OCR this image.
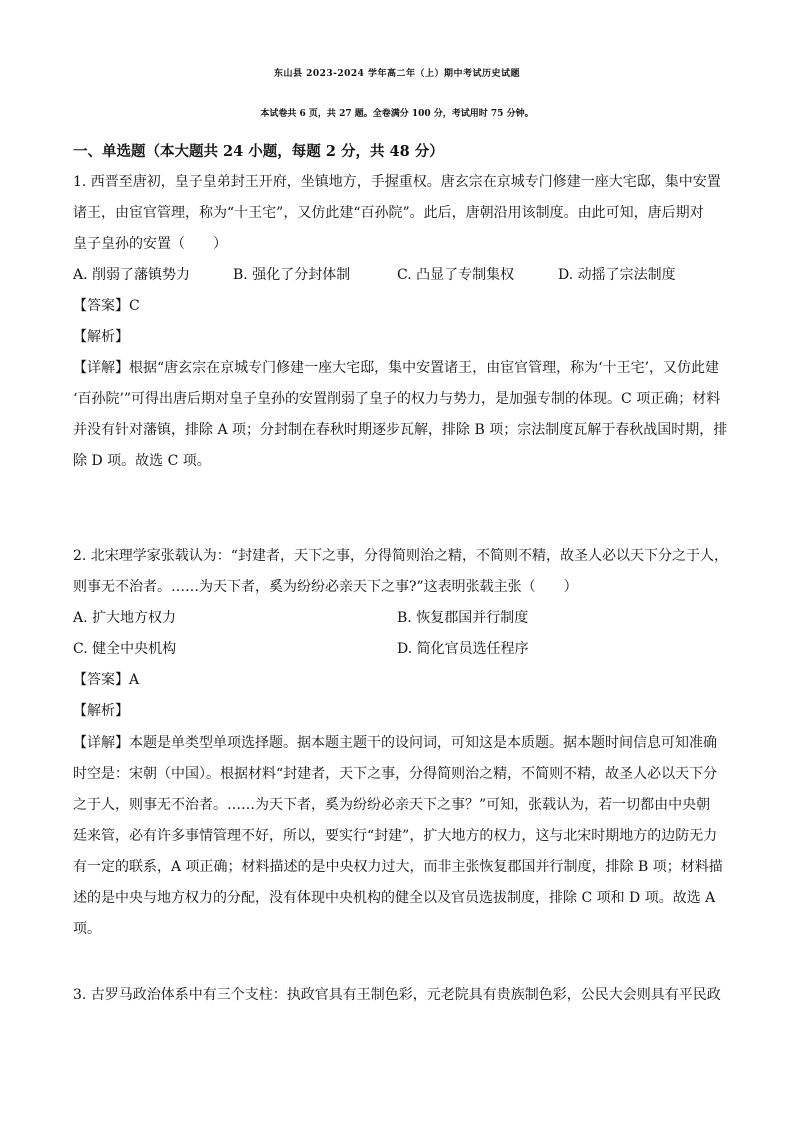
东山县 2023-2024 学年高二年（上）期中考试历史试题
本试卷共 6 页，共 27 题。全卷满分 100 分，考试用时 75 分钟。
一、单选题（本大题共 24 小题，每题 2 分，共 48 分）
1. 西晋至唐初，皇子皇弟封王开府，坐镇地方，手握重权。唐玄宗在京城专门修建一座大宅邸，集中安置
诸王，由宦官管理，称为“十王宅”，又仿此建“百孙院”。此后，唐朝沿用该制度。由此可知，唐后期对
皇子皇孙的安置（　　）
A. 削弱了藩镇势力	B. 强化了分封体制	C. 凸显了专制集权	D. 动摇了宗法制度
【答案】C
【解析】
【详解】根据“唐玄宗在京城专门修建一座大宅邸，集中安置诸王，由宦官管理，称为‘十王宅’，又仿此建
‘百孙院’”可得出唐后期对皇子皇孙的安置削弱了皇子的权力与势力，是加强专制的体现。C 项正确；材料
并没有针对藩镇，排除 A 项；分封制在春秋时期逐步瓦解，排除 B 项；宗法制度瓦解于春秋战国时期，排
除 D 项。故选 C 项。
2. 北宋理学家张载认为：“封建者，天下之事，分得简则治之精，不简则不精，故圣人必以天下分之于人，
则事无不治者。……为天下者，奚为纷纷必亲天下之事?”这表明张载主张（　　）
A. 扩大地方权力	B. 恢复郡国并行制度
C. 健全中央机构	D. 简化官员选任程序
【答案】A
【解析】
【详解】本题是单类型单项选择题。据本题主题干的设问词，可知这是本质题。据本题时间信息可知准确
时空是：宋朝（中国）。根据材料“封建者，天下之事，分得简则治之精，不简则不精，故圣人必以天下分
之于人，则事无不治者。……为天下者，奚为纷纷必亲天下之事？”可知，张载认为，若一切都由中央朝
廷来管，必有许多事情管理不好，所以，要实行“封建”，扩大地方的权力，这与北宋时期地方的边防无力
有一定的联系，A 项正确；材料描述的是中央权力过大，而非主张恢复郡国并行制度，排除 B 项；材料描
述的是中央与地方权力的分配，没有体现中央机构的健全以及官员选拔制度，排除 C 项和 D 项。故选 A
项。
3. 古罗马政治体系中有三个支柱：执政官具有王制色彩，元老院具有贵族制色彩，公民大会则具有平民政
